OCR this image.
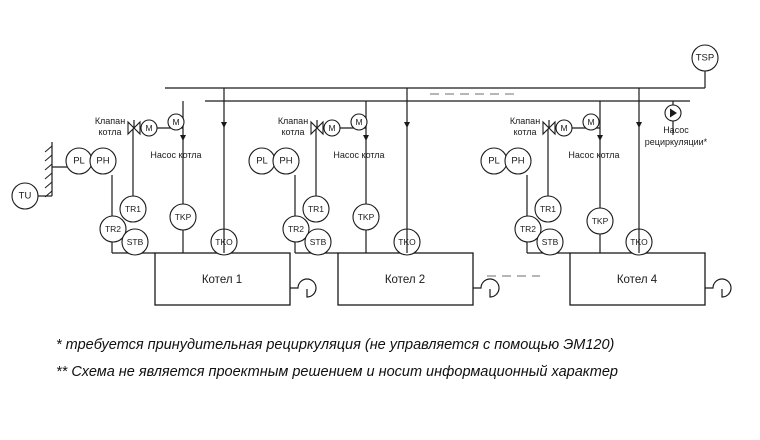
TSP
Насос
рециркуляции*
TU
Котел 1
PL PH
TR1
TR2
STB
TKP
TKO
M
Клапан
котла
M
Насос котла
Котел 2
PL PH
TR1
TR2
STB
TKP
TKO
M
Клапан
котла
M
Насос котла
Котел 4
PL PH
TR1
TR2
STB
TKP
TKO
M
Клапан
котла
M
Насос котла
* требуется принудительная рециркуляция (не управляется с помощью ЭМ120)
** Схема не является проектным решением и носит информационный характер
